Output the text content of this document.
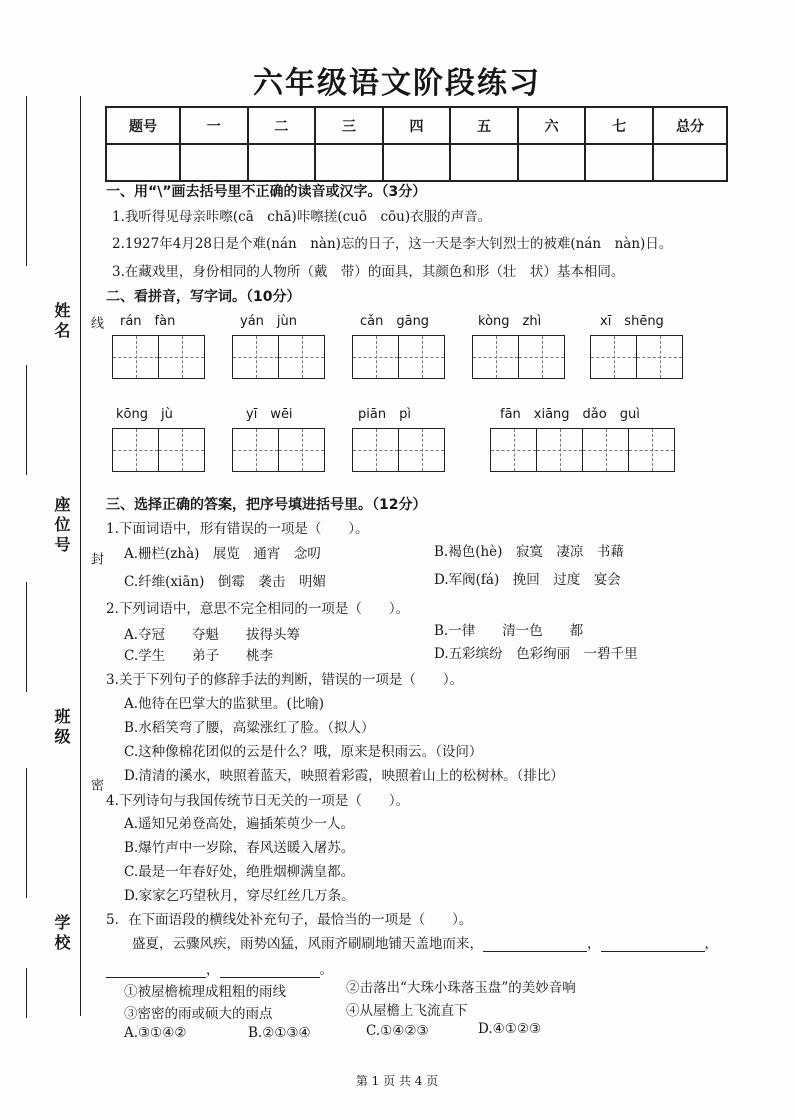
六年级语文阶段练习
姓名 线
座位号
封
班级
密
学校
题号	一	二	三	四	五	六	七	总分

一、用“\”画去括号里不正确的读音或汉字。（3分）
1.我听得见母亲咔嚓(cā　chā)咔嚓搓(cuō　cōu)衣服的声音。
2.1927年4月28日是个难(nán　nàn)忘的日子，这一天是李大钊烈士的被难(nán　nàn)日。
3.在藏戏里，身份相同的人物所（戴　带）的面具，其颜色和形（壮　状）基本相同。
二、看拼音，写字词。（10分）
rán　fàn	yán　jùn	cǎn　gāng	kòng　zhì	xī　shēng
kōng　jù	yī　wēi	piān　pì	fān　xiāng　dǎo　guì
三、选择正确的答案，把序号填进括号里。（12分）
1.下面词语中，形有错误的一项是（　　）。
A.栅栏(zhà)　展览　通宵　念叨	B.褐色(hè)　寂寞　凄凉　书藉
C.纤维(xiān)　倒霉　袭击　明媚	D.军阀(fá)　挽回　过度　宴会
2.下列词语中，意思不完全相同的一项是（　　）。
A.夺冠　　夺魁　　拔得头筹	B.一律　　清一色　　都
C.学生　　弟子　　桃李	D.五彩缤纷　色彩绚丽　一碧千里
3.关于下列句子的修辞手法的判断，错误的一项是（　　）。
A.他待在巴掌大的监狱里。(比喻)
B.水稻笑弯了腰，高粱涨红了脸。（拟人）
C.这种像棉花团似的云是什么？哦，原来是积雨云。（设问）
D.清清的溪水，映照着蓝天，映照着彩霞，映照着山上的松树林。（排比）
4.下列诗句与我国传统节日无关的一项是（　　）。
A.遥知兄弟登高处，遍插茱萸少一人。
B.爆竹声中一岁除，春风送暖入屠苏。
C.最是一年春好处，绝胜烟柳满皇都。
D.家家乞巧望秋月，穿尽红丝几万条。
5．在下面语段的横线处补充句子，最恰当的一项是（　　）。
盛夏，云骤风疾，雨势凶猛，风雨齐刷刷地铺天盖地而来，	，	，
，	。
①被屋檐梳理成粗粗的雨线	②击落出“大珠小珠落玉盘”的美妙音响
③密密的雨或硕大的雨点	④从屋檐上飞流直下
A.③①④②	B.②①③④	C.①④②③	D.④①②③
第 1 页 共 4 页
